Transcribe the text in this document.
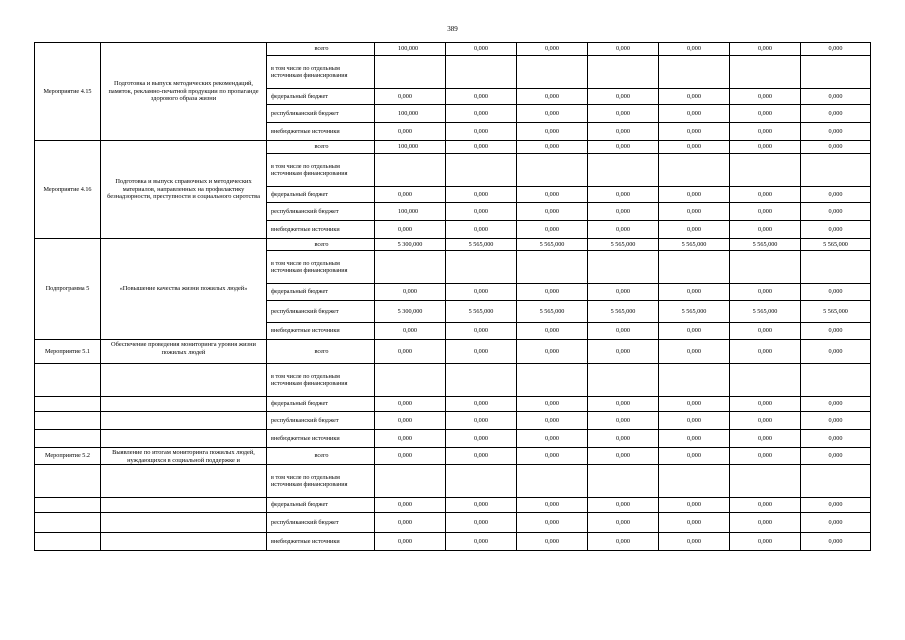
389
Мероприятие 4.15	Подготовка и выпуск методических рекомендаций, памяток, рекламно-печатной продукции по пропаганде здорового образа жизни	всего	100,000	0,000	0,000	0,000	0,000	0,000	0,000
		в том числе по отдельным источникам финансирования							
		федеральный бюджет	0,000	0,000	0,000	0,000	0,000	0,000	0,000
		республиканский бюджет	100,000	0,000	0,000	0,000	0,000	0,000	0,000
		внебюджетные источники	0,000	0,000	0,000	0,000	0,000	0,000	0,000
Мероприятие 4.16	Подготовка и выпуск справочных и методических материалов, направленных на профилактику безнадзорности, преступности и социального сиротства	всего	100,000	0,000	0,000	0,000	0,000	0,000	0,000
		в том числе по отдельным источникам финансирования							
		федеральный бюджет	0,000	0,000	0,000	0,000	0,000	0,000	0,000
		республиканский бюджет	100,000	0,000	0,000	0,000	0,000	0,000	0,000
		внебюджетные источники	0,000	0,000	0,000	0,000	0,000	0,000	0,000
Подпрограмма 5	«Повышение качества жизни пожилых людей»	всего	5 300,000	5 565,000	5 565,000	5 565,000	5 565,000	5 565,000	5 565,000
		в том числе по отдельным источникам финансирования							
		федеральный бюджет	0,000	0,000	0,000	0,000	0,000	0,000	0,000
		республиканский бюджет	5 300,000	5 565,000	5 565,000	5 565,000	5 565,000	5 565,000	5 565,000
		внебюджетные источники	0,000	0,000	0,000	0,000	0,000	0,000	0,000
Мероприятие 5.1	Обеспечение проведения мониторинга уровня жизни пожилых людей	всего	0,000	0,000	0,000	0,000	0,000	0,000	0,000
		в том числе по отдельным источникам финансирования							
		федеральный бюджет	0,000	0,000	0,000	0,000	0,000	0,000	0,000
		республиканский бюджет	0,000	0,000	0,000	0,000	0,000	0,000	0,000
		внебюджетные источники	0,000	0,000	0,000	0,000	0,000	0,000	0,000
Мероприятие 5.2	Выявление по итогам мониторинга пожилых людей, нуждающихся в социальной поддержке и	всего	0,000	0,000	0,000	0,000	0,000	0,000	0,000
		в том числе по отдельным источникам финансирования							
		федеральный бюджет	0,000	0,000	0,000	0,000	0,000	0,000	0,000
		республиканский бюджет	0,000	0,000	0,000	0,000	0,000	0,000	0,000
		внебюджетные источники	0,000	0,000	0,000	0,000	0,000	0,000	0,000
